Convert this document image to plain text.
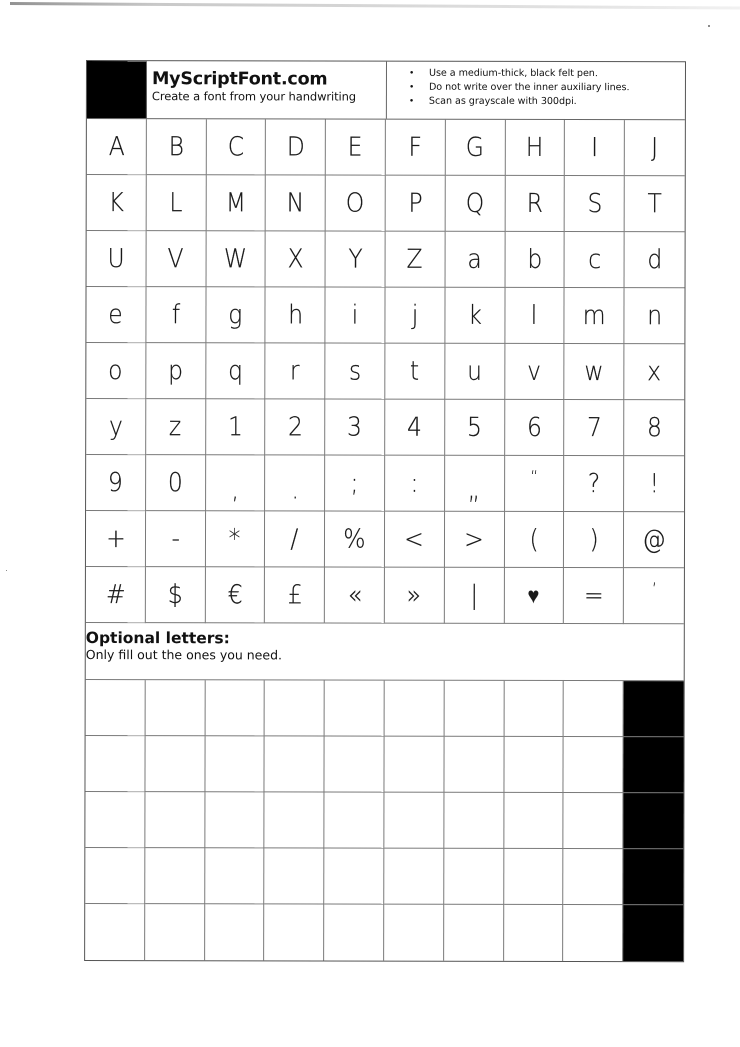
MyScriptFont.com
Create a font from your handwriting
• Use a medium-thick, black felt pen.
• Do not write over the inner auxiliary lines.
• Scan as grayscale with 300dpi.
A B C D E F G H I J
K L M N O P Q R S T
U V W X Y Z a b c d
e f g h i j k l m n
o p q r s t u v w x
y z 1 2 3 4 5 6 7 8
9 0 , . ; : „	“ ? !
+ - * / % < > ( ) @
# $ € £ « » | ♥ =	’
Optional letters:
Only fill out the ones you need.
